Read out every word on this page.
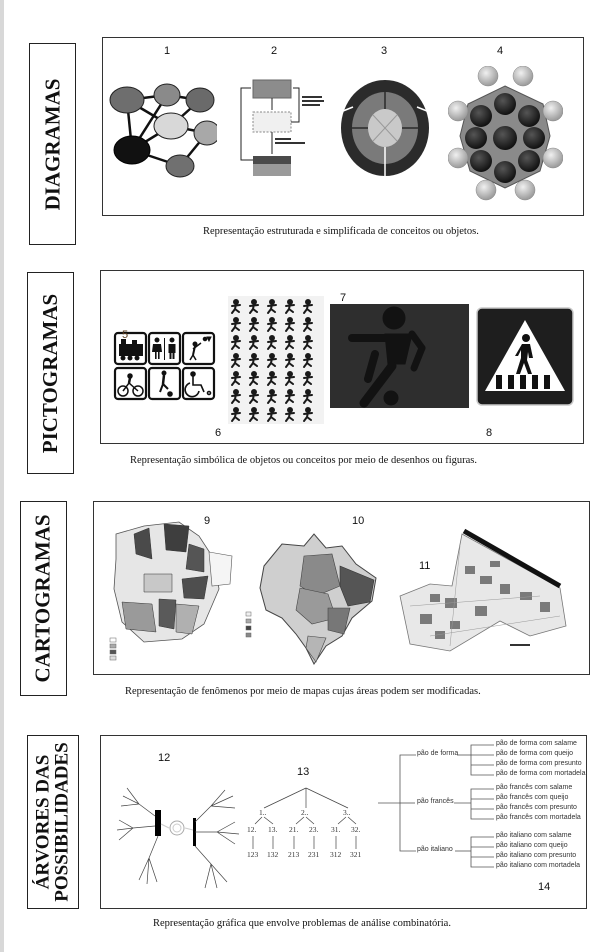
DIAGRAMAS
1	2	3	4
Representação estruturada e simplificada de conceitos ou objetos.
PICTOGRAMAS	5
6
7
8
Representação simbólica de objetos ou conceitos por meio de desenhos ou figuras.
CARTOGRAMAS	9	10
11
Representação de fenômenos por meio de mapas cujas áreas podem ser modificadas.
ÁRVORES DAS
POSSIBILIDADES	12
13
1..	2..	3..
12. 13. 21. 23. 31. 32.
123 132 213 231 312 321
pão de forma
pão francês
pão italiano
pão de forma com salame
pão de forma com queijo
pão de forma com presunto
pão de forma com mortadela
pão francês com salame
pão francês com queijo
pão francês com presunto
pão francês com mortadela
pão italiano com salame
pão italiano com queijo
pão italiano com presunto
pão italiano com mortadela
14
Representação gráfica que envolve problemas de análise combinatória.
